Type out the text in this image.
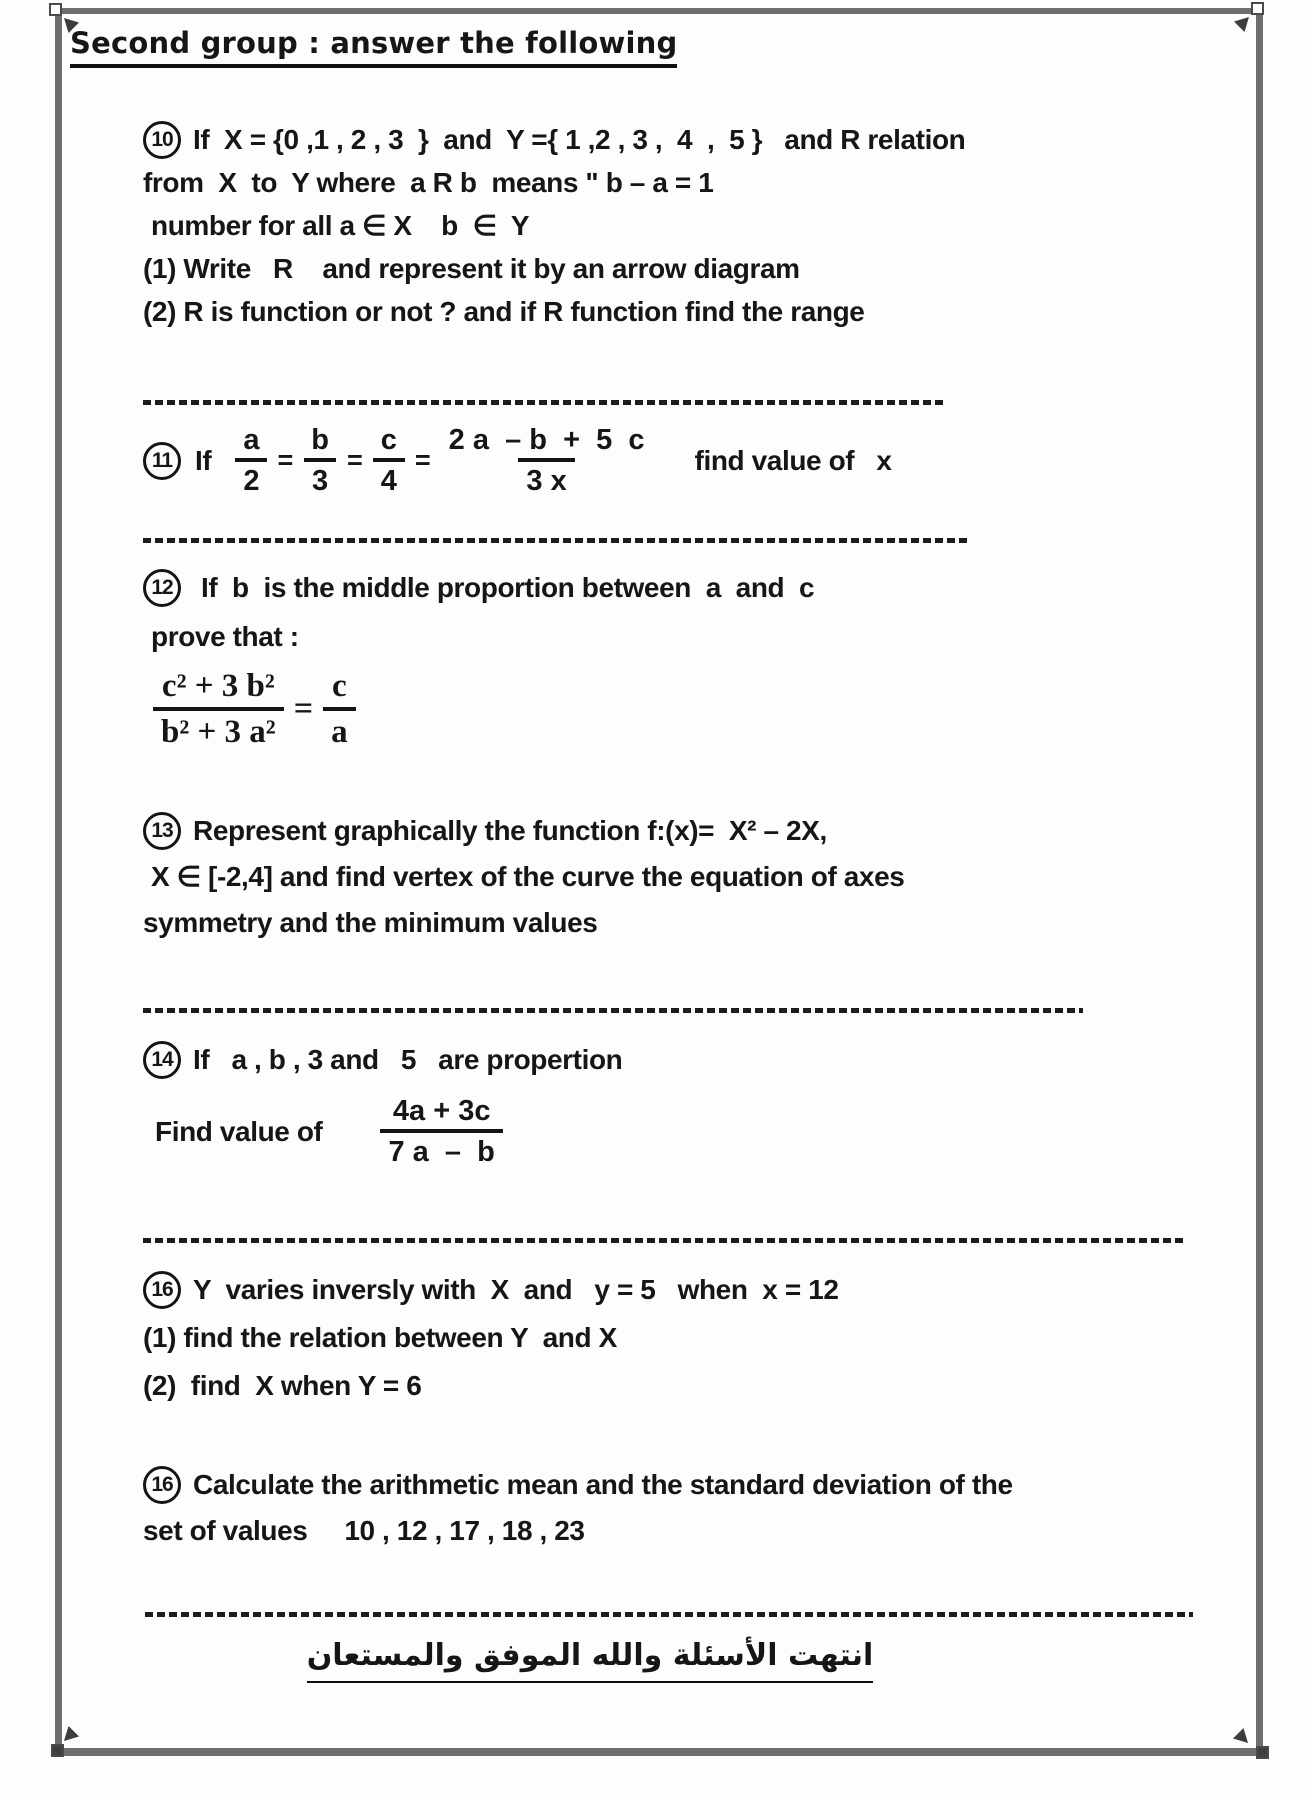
Second group : answer the following
10 If  X = {0 ,1 , 2 , 3  }  and  Y ={ 1 ,2 , 3 ,  4  ,  5 }   and R relation
from  X  to  Y where  a R b  means " b – a = 1
number for all a ∈ X    b  ∈  Y
(1) Write   R    and represent it by an arrow diagram
(2) R is function or not ? and if R function find the range
11 If $\frac{a}{2} = \frac{b}{3} = \frac{c}{4} = \frac{2 a - b + 5 c}{3 x}$ find value of   x
12 If  b  is the middle proportion between  a  and  c
prove that :
$\frac{\text{c² + 3 b²}}{\text{b² + 3 a²}} = \frac{c}{a}$
13 Represent graphically the function f:(x)=  X² – 2X,
X ∈ [-2,4] and find vertex of the curve the equation of axes
symmetry and the minimum values
14 If   a , b , 3 and   5   are propertion
Find value of $\frac{4a + 3c}{7 a - b}$
16 Y  varies inversly with  X  and   y = 5   when  x = 12
(1) find the relation between Y  and X
(2)  find  X when Y = 6
16 Calculate the arithmetic mean and the standard deviation of the
set of values     10 , 12 , 17 , 18 , 23
انتهت الأسئلة والله الموفق والمستعان
